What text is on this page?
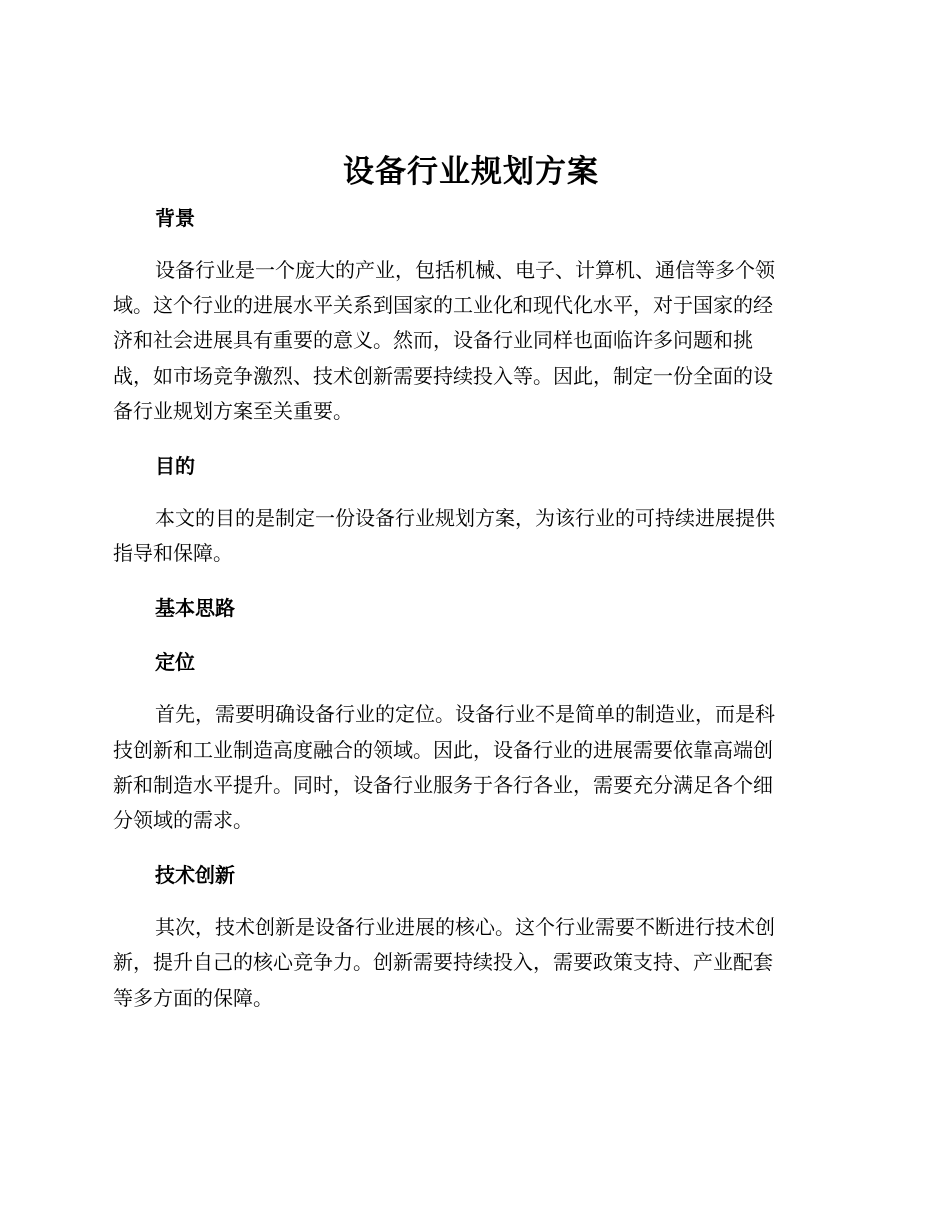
设备行业规划方案
背景

设备行业是一个庞大的产业，包括机械、电子、计算机、通信等多个领
域。这个行业的进展水平关系到国家的工业化和现代化水平，对于国家的经
济和社会进展具有重要的意义。然而，设备行业同样也面临许多问题和挑
战，如市场竞争激烈、技术创新需要持续投入等。因此，制定一份全面的设
备行业规划方案至关重要。

目的

本文的目的是制定一份设备行业规划方案，为该行业的可持续进展提供
指导和保障。

基本思路
定位

首先，需要明确设备行业的定位。设备行业不是简单的制造业，而是科
技创新和工业制造高度融合的领域。因此，设备行业的进展需要依靠高端创
新和制造水平提升。同时，设备行业服务于各行各业，需要充分满足各个细
分领域的需求。

技术创新

其次，技术创新是设备行业进展的核心。这个行业需要不断进行技术创
新，提升自己的核心竞争力。创新需要持续投入，需要政策支持、产业配套
等多方面的保障。
